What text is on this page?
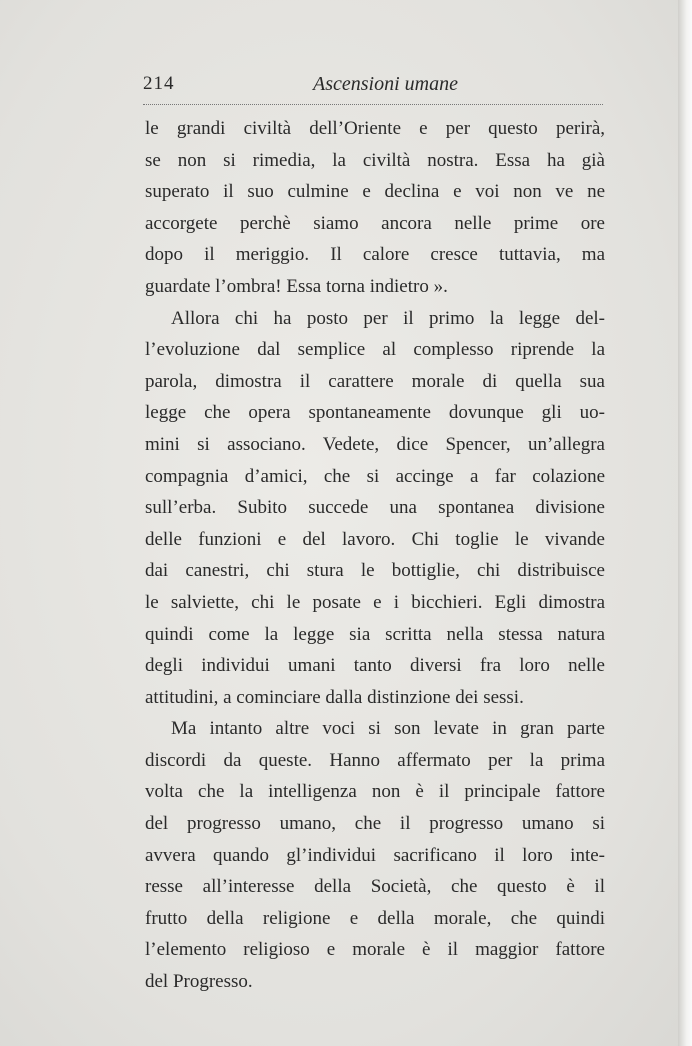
214	Ascensioni umane
le grandi civiltà dell’Oriente e per questo perirà,
se non si rimedia, la civiltà nostra. Essa ha già
superato il suo culmine e declina e voi non ve ne
accorgete perchè siamo ancora nelle prime ore
dopo il meriggio. Il calore cresce tuttavia, ma
guardate l’ombra! Essa torna indietro ».
Allora chi ha posto per il primo la legge del-
l’evoluzione dal semplice al complesso riprende la
parola, dimostra il carattere morale di quella sua
legge che opera spontaneamente dovunque gli uo-
mini si associano. Vedete, dice Spencer, un’allegra
compagnia d’amici, che si accinge a far colazione
sull’erba. Subito succede una spontanea divisione
delle funzioni e del lavoro. Chi toglie le vivande
dai canestri, chi stura le bottiglie, chi distribuisce
le salviette, chi le posate e i bicchieri. Egli dimostra
quindi come la legge sia scritta nella stessa natura
degli individui umani tanto diversi fra loro nelle
attitudini, a cominciare dalla distinzione dei sessi.
Ma intanto altre voci si son levate in gran parte
discordi da queste. Hanno affermato per la prima
volta che la intelligenza non è il principale fattore
del progresso umano, che il progresso umano si
avvera quando gl’individui sacrificano il loro inte-
resse all’interesse della Società, che questo è il
frutto della religione e della morale, che quindi
l’elemento religioso e morale è il maggior fattore
del Progresso.
